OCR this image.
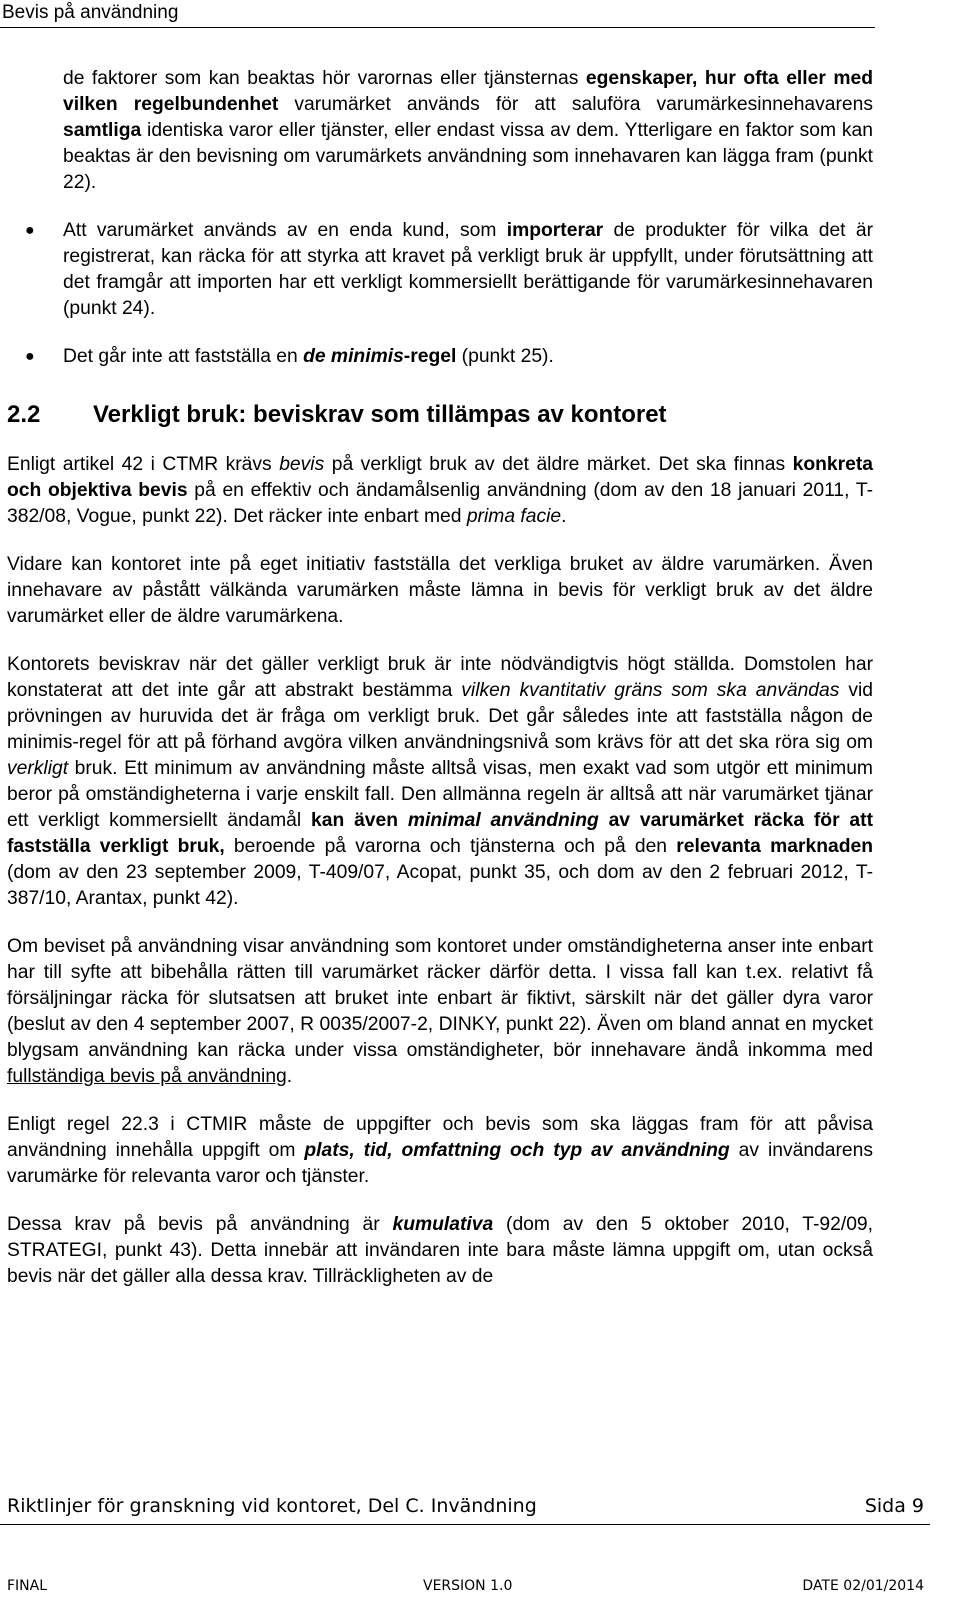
Bevis på användning

de faktorer som kan beaktas hör varornas eller tjänsternas egenskaper, hur ofta eller med vilken regelbundenhet varumärket används för att saluföra varumärkesinnehavarens samtliga identiska varor eller tjänster, eller endast vissa av dem. Ytterligare en faktor som kan beaktas är den bevisning om varumärkets användning som innehavaren kan lägga fram (punkt 22).

● Att varumärket används av en enda kund, som importerar de produkter för vilka det är registrerat, kan räcka för att styrka att kravet på verkligt bruk är uppfyllt, under förutsättning att det framgår att importen har ett verkligt kommersiellt berättigande för varumärkesinnehavaren (punkt 24).

● Det går inte att fastställa en de minimis-regel (punkt 25).

2.2 Verkligt bruk: beviskrav som tillämpas av kontoret

Enligt artikel 42 i CTMR krävs bevis på verkligt bruk av det äldre märket. Det ska finnas konkreta och objektiva bevis på en effektiv och ändamålsenlig användning (dom av den 18 januari 2011, T-382/08, Vogue, punkt 22). Det räcker inte enbart med prima facie.

Vidare kan kontoret inte på eget initiativ fastställa det verkliga bruket av äldre varumärken. Även innehavare av påstått välkända varumärken måste lämna in bevis för verkligt bruk av det äldre varumärket eller de äldre varumärkena.

Kontorets beviskrav när det gäller verkligt bruk är inte nödvändigtvis högt ställda. Domstolen har konstaterat att det inte går att abstrakt bestämma vilken kvantitativ gräns som ska användas vid prövningen av huruvida det är fråga om verkligt bruk. Det går således inte att fastställa någon de minimis-regel för att på förhand avgöra vilken användningsnivå som krävs för att det ska röra sig om verkligt bruk. Ett minimum av användning måste alltså visas, men exakt vad som utgör ett minimum beror på omständigheterna i varje enskilt fall. Den allmänna regeln är alltså att när varumärket tjänar ett verkligt kommersiellt ändamål kan även minimal användning av varumärket räcka för att fastställa verkligt bruk, beroende på varorna och tjänsterna och på den relevanta marknaden (dom av den 23 september 2009, T-409/07, Acopat, punkt 35, och dom av den 2 februari 2012, T-387/10, Arantax, punkt 42).

Om beviset på användning visar användning som kontoret under omständigheterna anser inte enbart har till syfte att bibehålla rätten till varumärket räcker därför detta. I vissa fall kan t.ex. relativt få försäljningar räcka för slutsatsen att bruket inte enbart är fiktivt, särskilt när det gäller dyra varor (beslut av den 4 september 2007, R 0035/2007-2, DINKY, punkt 22). Även om bland annat en mycket blygsam användning kan räcka under vissa omständigheter, bör innehavare ändå inkomma med fullständiga bevis på användning.

Enligt regel 22.3 i CTMIR måste de uppgifter och bevis som ska läggas fram för att påvisa användning innehålla uppgift om plats, tid, omfattning och typ av användning av invändarens varumärke för relevanta varor och tjänster.

Dessa krav på bevis på användning är kumulativa (dom av den 5 oktober 2010, T-92/09, STRATEGI, punkt 43). Detta innebär att invändaren inte bara måste lämna uppgift om, utan också bevis när det gäller alla dessa krav. Tillräckligheten av de

Riktlinjer för granskning vid kontoret, Del C. Invändning	Sida 9
FINAL	VERSION 1.0	DATE 02/01/2014
